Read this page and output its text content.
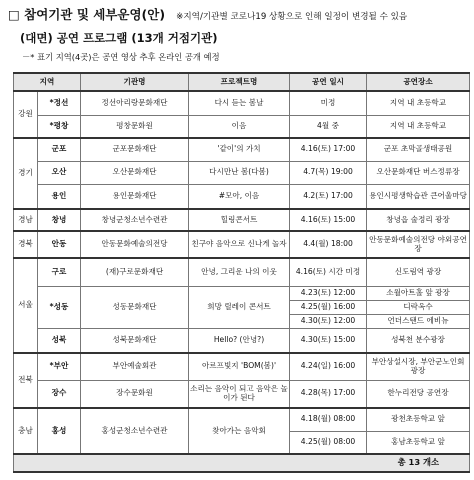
□ 참여기관 및 세부운영(안) ※지역/기관별 코로나19 상황으로 인해 일정이 변경될 수 있음
(대면) 공연 프로그램 (13개 거점기관)
－* 표기 지역(4곳)은 공연 영상 추후 온라인 공개 예정
지역		기관명	프로젝트명	공연 일시	공연장소
강원	*정선	정선아리랑문화재단	다시 듣는 봄날	미정	지역 내 초등학교
	*평창	평창문화원	이음	4월 중	지역 내 초등학교
경기	군포	군포문화재단	'같이'의 가치	4.16(토) 17:00	군포 초막골생태공원
	오산	오산문화재단	다시만난 봄(다봄)	4.7(목) 19:00	오산문화재단 버스정류장
	용인	용인문화재단	#모아, 이음	4.2(토) 17:00	용인시평생학습관 큰어울마당
경남	창녕	창녕군청소년수련관	힐링콘서트	4.16(토) 15:00	창녕읍 술정리 광장
경북	안동	안동문화예술의전당	친구야 음악으로 신나게 놀자	4.4(월) 18:00	안동문화예술의전당 야외공연장
서울	구로	(재)구로문화재단	안녕, 그리운 나의 이웃	4.16(토) 시간 미정	신도림역 광장
	*성동	성동문화재단	희망 릴레이 콘서트	4.23(토) 12:00	소월아트홀 앞 광장
				4.25(월) 16:00	디락옥수
				4.30(토) 12:00	언더스탠드 에비뉴
	성북	성북문화재단	Hello? (안녕?)	4.30(토) 15:00	성북천 분수광장
전북	*부안	부안예술회관	아르프빛지 'BOM(봄)'	4.24(일) 16:00	부안상설시장, 부안군노인회 광장
	장수	장수문화원	소리는 음악이 되고 음악은 놀이가 된다	4.28(목) 17:00	한누리전당 공연장
충남	홍성	홍성군청소년수련관	찾아가는 음악회	4.18(월) 08:00	광천초등학교 앞
				4.25(월) 08:00	홍남초등학교 앞
총 13 개소					
